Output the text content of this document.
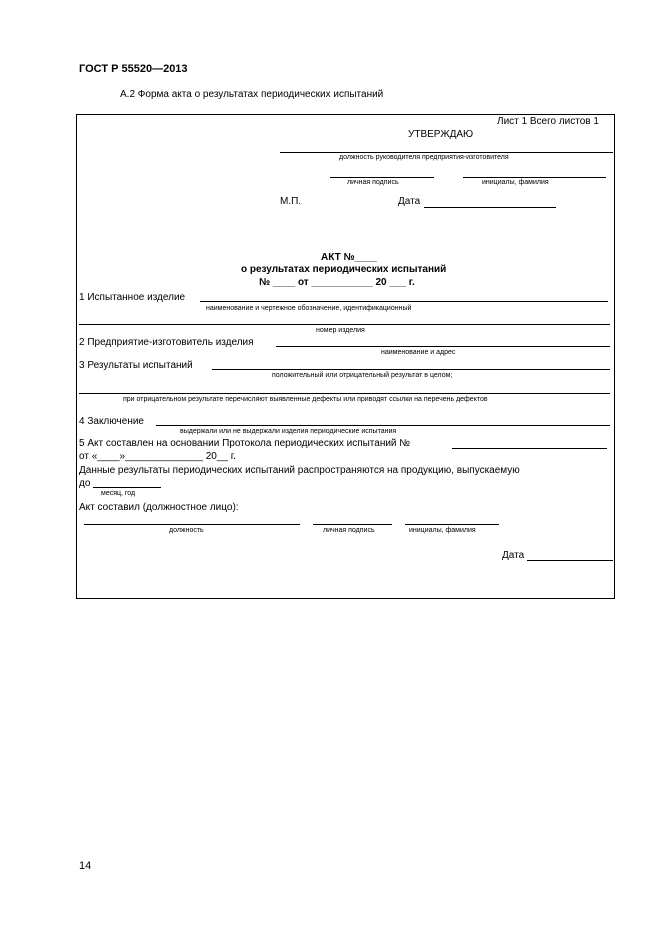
ГОСТ Р 55520—2013
А.2 Форма акта о результатах периодических испытаний
Лист 1 Всего листов 1
УТВЕРЖДАЮ
должность руководителя предприятия-изготовителя
личная подпись	инициалы, фамилия
М.П.	Дата
АКТ №____
о результатах периодических испытаний
№ ____ от ___________ 20 ___ г.
1 Испытанное изделие
наименование и чертежное обозначение, идентификационный
номер изделия
2 Предприятие-изготовитель изделия
наименование и адрес
3 Результаты испытаний
положительный или отрицательный результат в целом;
при отрицательном результате перечисляют выявленные дефекты или приводят ссылки на перечень дефектов
4 Заключение
выдержали или не выдержали изделия периодические испытания
5 Акт составлен на основании Протокола периодических испытаний №
от «____»______________ 20__ г.
Данные результаты периодических испытаний распространяются на продукцию, выпускаемую
до
месяц, год
Акт составил (должностное лицо):
должность	личная подпись	инициалы, фамилия
Дата
14
